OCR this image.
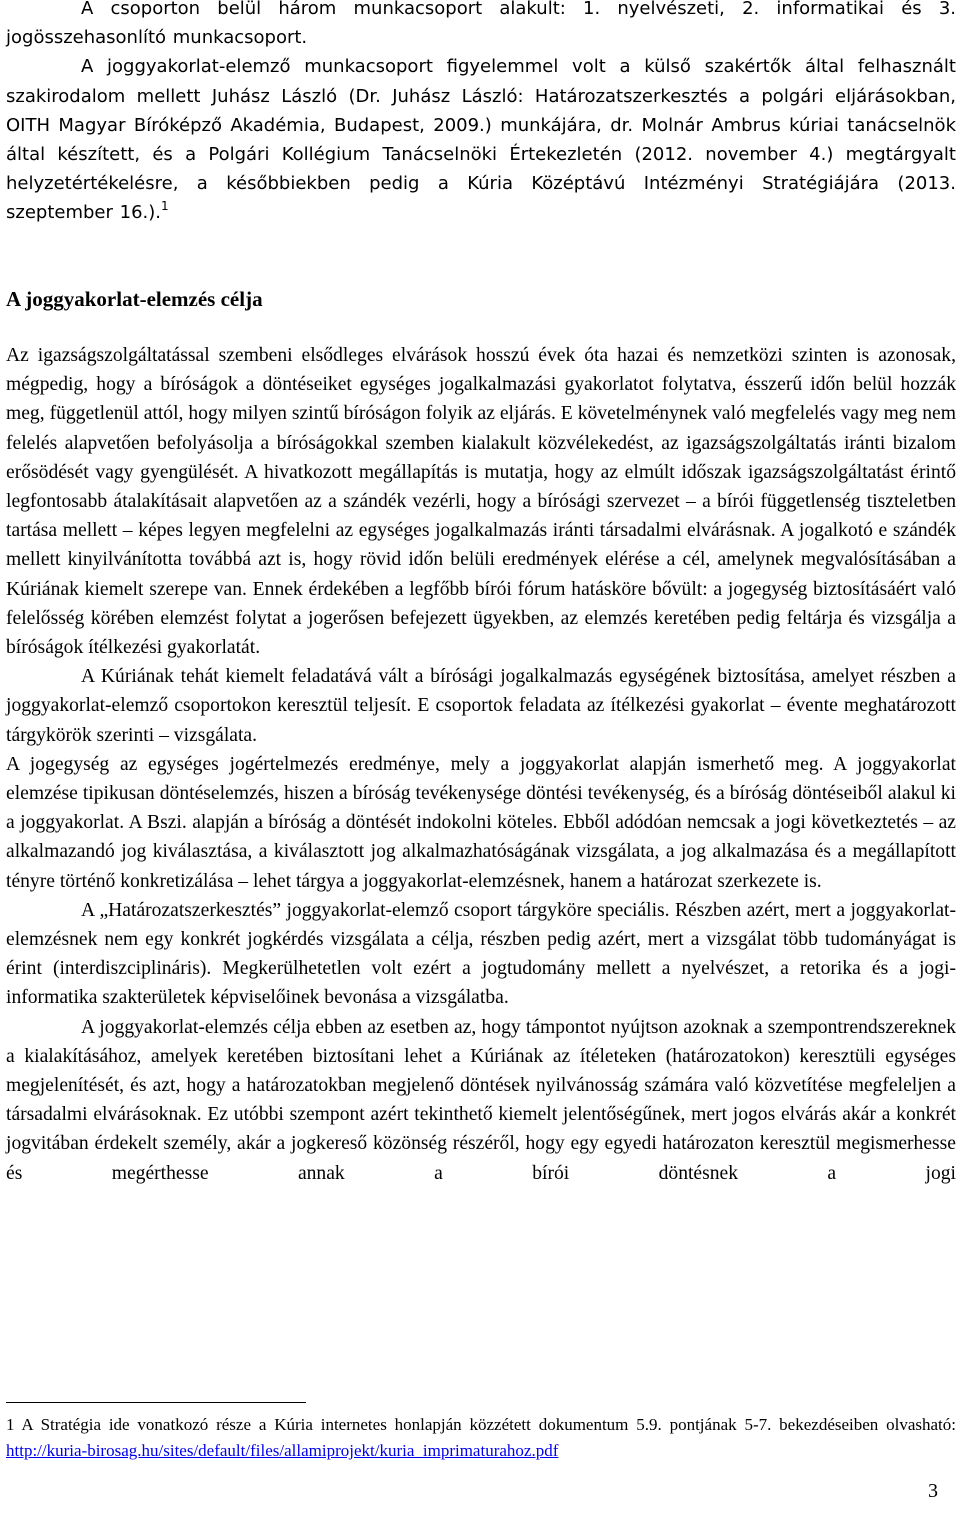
A csoporton belül három munkacsoport alakult: 1. nyelvészeti, 2. informatikai és 3. jogösszehasonlító munkacsoport.

A joggyakorlat-elemző munkacsoport figyelemmel volt a külső szakértők által felhasznált szakirodalom mellett Juhász László (Dr. Juhász László: Határozatszerkesztés a polgári eljárásokban, OITH Magyar Bíróképző Akadémia, Budapest, 2009.) munkájára, dr. Molnár Ambrus kúriai tanácselnök által készített, és a Polgári Kollégium Tanácselnöki Értekezletén (2012. november 4.) megtárgyalt helyzetértékelésre, a későbbiekben pedig a Kúria Középtávú Intézményi Stratégiájára (2013. szeptember 16.).$^1$

A joggyakorlat-elemzés célja

Az igazságszolgáltatással szembeni elsődleges elvárások hosszú évek óta hazai és nemzetközi szinten is azonosak, mégpedig, hogy a bíróságok a döntéseiket egységes jogalkalmazási gyakorlatot folytatva, ésszerű időn belül hozzák meg, függetlenül attól, hogy milyen szintű bíróságon folyik az eljárás. E követelménynek való megfelelés vagy meg nem felelés alapvetően befolyásolja a bíróságokkal szemben kialakult közvélekedést, az igazságszolgáltatás iránti bizalom erősödését vagy gyengülését. A hivatkozott megállapítás is mutatja, hogy az elmúlt időszak igazságszolgáltatást érintő legfontosabb átalakításait alapvetően az a szándék vezérli, hogy a bírósági szervezet – a bírói függetlenség tiszteletben tartása mellett – képes legyen megfelelni az egységes jogalkalmazás iránti társadalmi elvárásnak. A jogalkotó e szándék mellett kinyilvánította továbbá azt is, hogy rövid időn belüli eredmények elérése a cél, amelynek megvalósításában a Kúriának kiemelt szerepe van. Ennek érdekében a legfőbb bírói fórum hatásköre bővült: a jogegység biztosításáért való felelősség körében elemzést folytat a jogerősen befejezett ügyekben, az elemzés keretében pedig feltárja és vizsgálja a bíróságok ítélkezési gyakorlatát.

A Kúriának tehát kiemelt feladatává vált a bírósági jogalkalmazás egységének biztosítása, amelyet részben a joggyakorlat-elemző csoportokon keresztül teljesít. E csoportok feladata az ítélkezési gyakorlat – évente meghatározott tárgykörök szerinti – vizsgálata.

A jogegység az egységes jogértelmezés eredménye, mely a joggyakorlat alapján ismerhető meg. A joggyakorlat elemzése tipikusan döntéselemzés, hiszen a bíróság tevékenysége döntési tevékenység, és a bíróság döntéseiből alakul ki a joggyakorlat. A Bszi. alapján a bíróság a döntését indokolni köteles. Ebből adódóan nemcsak a jogi következtetés – az alkalmazandó jog kiválasztása, a kiválasztott jog alkalmazhatóságának vizsgálata, a jog alkalmazása és a megállapított tényre történő konkretizálása – lehet tárgya a joggyakorlat-elemzésnek, hanem a határozat szerkezete is.

A „Határozatszerkesztés” joggyakorlat-elemző csoport tárgyköre speciális. Részben azért, mert a joggyakorlat-elemzésnek nem egy konkrét jogkérdés vizsgálata a célja, részben pedig azért, mert a vizsgálat több tudományágat is érint (interdiszciplináris). Megkerülhetetlen volt ezért a jogtudomány mellett a nyelvészet, a retorika és a jogi-informatika szakterületek képviselőinek bevonása a vizsgálatba.

A joggyakorlat-elemzés célja ebben az esetben az, hogy támpontot nyújtson azoknak a szempontrendszereknek a kialakításához, amelyek keretében biztosítani lehet a Kúriának az ítéleteken (határozatokon) keresztüli egységes megjelenítését, és azt, hogy a határozatokban megjelenő döntések nyilvánosság számára való közvetítése megfeleljen a társadalmi elvárásoknak. Ez utóbbi szempont azért tekinthető kiemelt jelentőségűnek, mert jogos elvárás akár a konkrét jogvitában érdekelt személy, akár a jogkereső közönség részéről, hogy egy egyedi határozaton keresztül megismerhesse és megérthesse annak a bírói döntésnek a jogi

1 A Stratégia ide vonatkozó része a Kúria internetes honlapján közzétett dokumentum 5.9. pontjának 5-7. bekezdéseiben olvasható: http://kuria-birosag.hu/sites/default/files/allamiprojekt/kuria_imprimaturahoz.pdf
3
